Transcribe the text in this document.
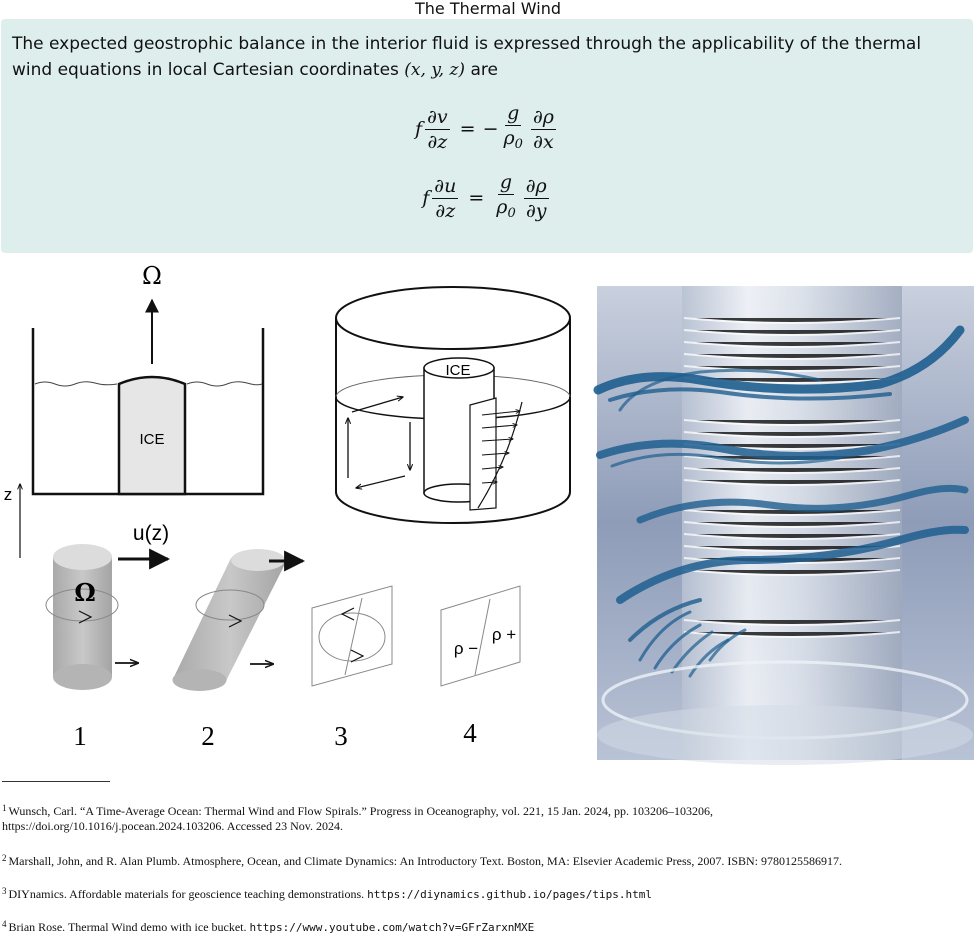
The Thermal Wind
The expected geostrophic balance in the interior fluid is expressed through the applicability of the thermal wind equations in local Cartesian coordinates (x, y, z) are
f $\frac{\partial v}{\partial z}$ = − $\frac{g}{\rho_0} \frac{\partial\rho}{\partial x}$
f $\frac{\partial u}{\partial z} = \frac{g}{\rho_0} \frac{\partial\rho}{\partial y}$
Ω
ICE
ICE
z
u(z)
Ω
ρ −
ρ +
1	2	3	4
$^1$ Wunsch, Carl. “A Time-Average Ocean: Thermal Wind and Flow Spirals.” Progress in Oceanography, vol. 221, 15 Jan. 2024, pp. 103206–103206,
https://doi.org/10.1016/j.pocean.2024.103206. Accessed 23 Nov. 2024.
$^2$ Marshall, John, and R. Alan Plumb. Atmosphere, Ocean, and Climate Dynamics: An Introductory Text. Boston, MA: Elsevier Academic Press, 2007. ISBN: 9780125586917.
$^3$ DIYnamics. Affordable materials for geoscience teaching demonstrations. https://diynamics.github.io/pages/tips.html
$^4$ Brian Rose. Thermal Wind demo with ice bucket. https://www.youtube.com/watch?v=GFrZarxnMXE
